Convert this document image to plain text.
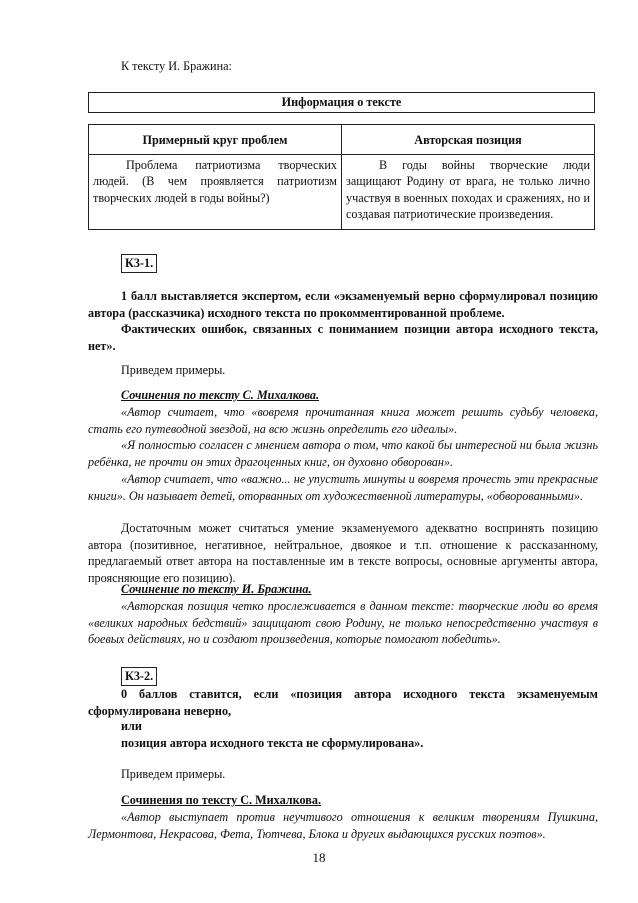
К тексту И. Бражина:

Информация о тексте
Примерный круг проблем	Авторская позиция
Проблема патриотизма творческих людей. (В чем проявляется патриотизм творческих людей в годы войны?)	В годы войны творческие люди защищают Родину от врага, не только лично участвуя в военных походах и сражениях, но и создавая патриотические произведения.
К3-1.

1 балл выставляется экспертом, если «экзаменуемый верно сформулировал позицию автора (рассказчика) исходного текста по прокомментированной проблеме.

Фактических ошибок, связанных с пониманием позиции автора исходного текста, нет».

Приведем примеры.

Сочинения по тексту С. Михалкова.

«Автор считает, что «вовремя прочитанная книга может решить судьбу человека, стать его путеводной звездой, на всю жизнь определить его идеалы».

«Я полностью согласен с мнением автора о том, что какой бы интересной ни была жизнь ребёнка, не прочти он этих драгоценных книг, он духовно обворован».

«Автор считает, что «важно... не упустить минуты и вовремя прочесть эти прекрасные книги». Он называет детей, оторванных от художественной литературы, «обворованными».

Достаточным может считаться умение экзаменуемого адекватно воспринять позицию автора (позитивное, негативное, нейтральное, двоякое и т.п. отношение к рассказанному, предлагаемый ответ автора на поставленные им в тексте вопросы, основные аргументы автора, проясняющие его позицию).

Сочинение по тексту И. Бражина.

«Авторская позиция четко прослеживается в данном тексте: творческие люди во время «великих народных бедствий» защищают свою Родину, не только непосредственно участвуя в боевых действиях, но и создают произведения, которые помогают победить».

К3-2.

0 баллов ставится, если «позиция автора исходного текста экзаменуемым сформулирована неверно,

или

позиция автора исходного текста не сформулирована».

Приведем примеры.

Сочинения по тексту С. Михалкова.

«Автор выступает против неучтивого отношения к великим творениям Пушкина, Лермонтова, Некрасова, Фета, Тютчева, Блока и других выдающихся русских поэтов».

18
